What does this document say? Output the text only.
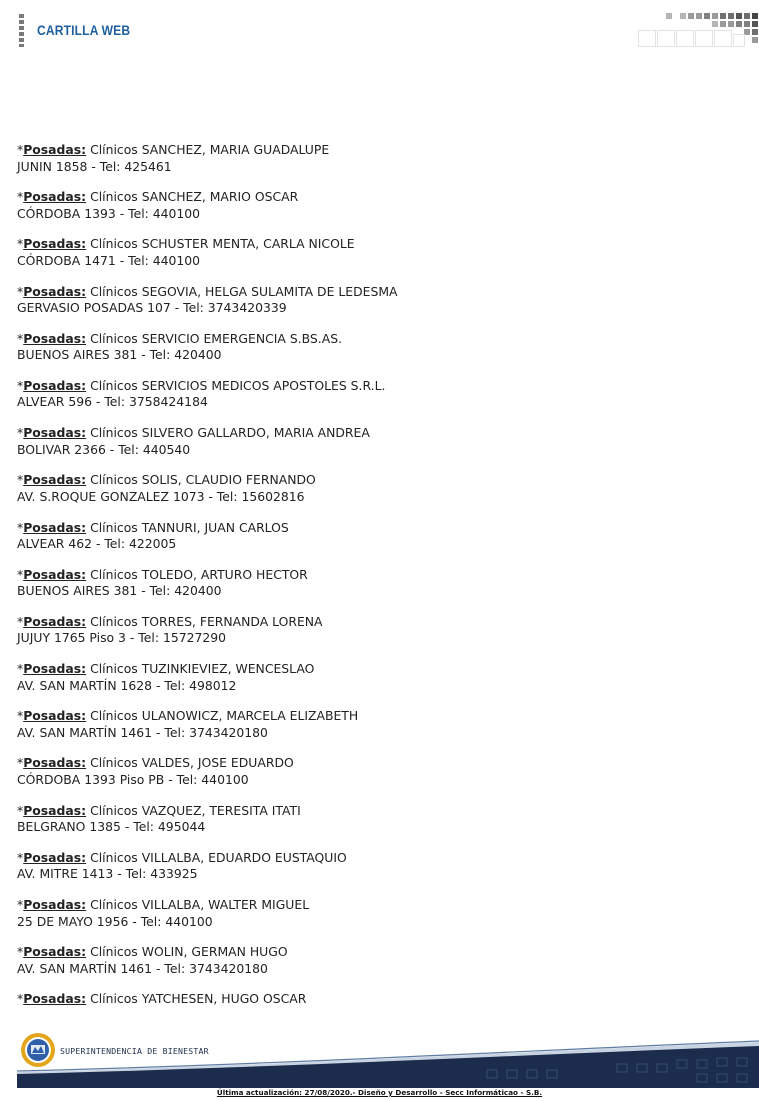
CARTILLA WEB
*Posadas: Clínicos SANCHEZ, MARIA GUADALUPE
JUNIN 1858 - Tel: 425461
*Posadas: Clínicos SANCHEZ, MARIO OSCAR
CÓRDOBA 1393 - Tel: 440100
*Posadas: Clínicos SCHUSTER MENTA, CARLA NICOLE
CÓRDOBA 1471 - Tel: 440100
*Posadas: Clínicos SEGOVIA, HELGA SULAMITA DE LEDESMA
GERVASIO POSADAS 107 - Tel: 3743420339
*Posadas: Clínicos SERVICIO EMERGENCIA S.BS.AS.
BUENOS AIRES 381 - Tel: 420400
*Posadas: Clínicos SERVICIOS MEDICOS APOSTOLES S.R.L.
ALVEAR 596 - Tel: 3758424184
*Posadas: Clínicos SILVERO GALLARDO, MARIA ANDREA
BOLIVAR 2366 - Tel: 440540
*Posadas: Clínicos SOLIS, CLAUDIO FERNANDO
AV. S.ROQUE GONZALEZ 1073 - Tel: 15602816
*Posadas: Clínicos TANNURI, JUAN CARLOS
ALVEAR 462 - Tel: 422005
*Posadas: Clínicos TOLEDO, ARTURO HECTOR
BUENOS AIRES 381 - Tel: 420400
*Posadas: Clínicos TORRES, FERNANDA LORENA
JUJUY 1765 Piso 3 - Tel: 15727290
*Posadas: Clínicos TUZINKIEVIEZ, WENCESLAO
AV. SAN MARTÍN 1628 - Tel: 498012
*Posadas: Clínicos ULANOWICZ, MARCELA ELIZABETH
AV. SAN MARTÍN 1461 - Tel: 3743420180
*Posadas: Clínicos VALDES, JOSE EDUARDO
CÓRDOBA 1393 Piso PB - Tel: 440100
*Posadas: Clínicos VAZQUEZ, TERESITA ITATI
BELGRANO 1385 - Tel: 495044
*Posadas: Clínicos VILLALBA, EDUARDO EUSTAQUIO
AV. MITRE 1413 - Tel: 433925
*Posadas: Clínicos VILLALBA, WALTER MIGUEL
25 DE MAYO 1956 - Tel: 440100
*Posadas: Clínicos WOLIN, GERMAN HUGO
AV. SAN MARTÍN 1461 - Tel: 3743420180
*Posadas: Clínicos YATCHESEN, HUGO OSCAR
SUPERINTENDENCIA DE BIENESTAR
Última actualización: 27/08/2020.- Diseño y Desarrollo - Secc Informáticao - S.B.
